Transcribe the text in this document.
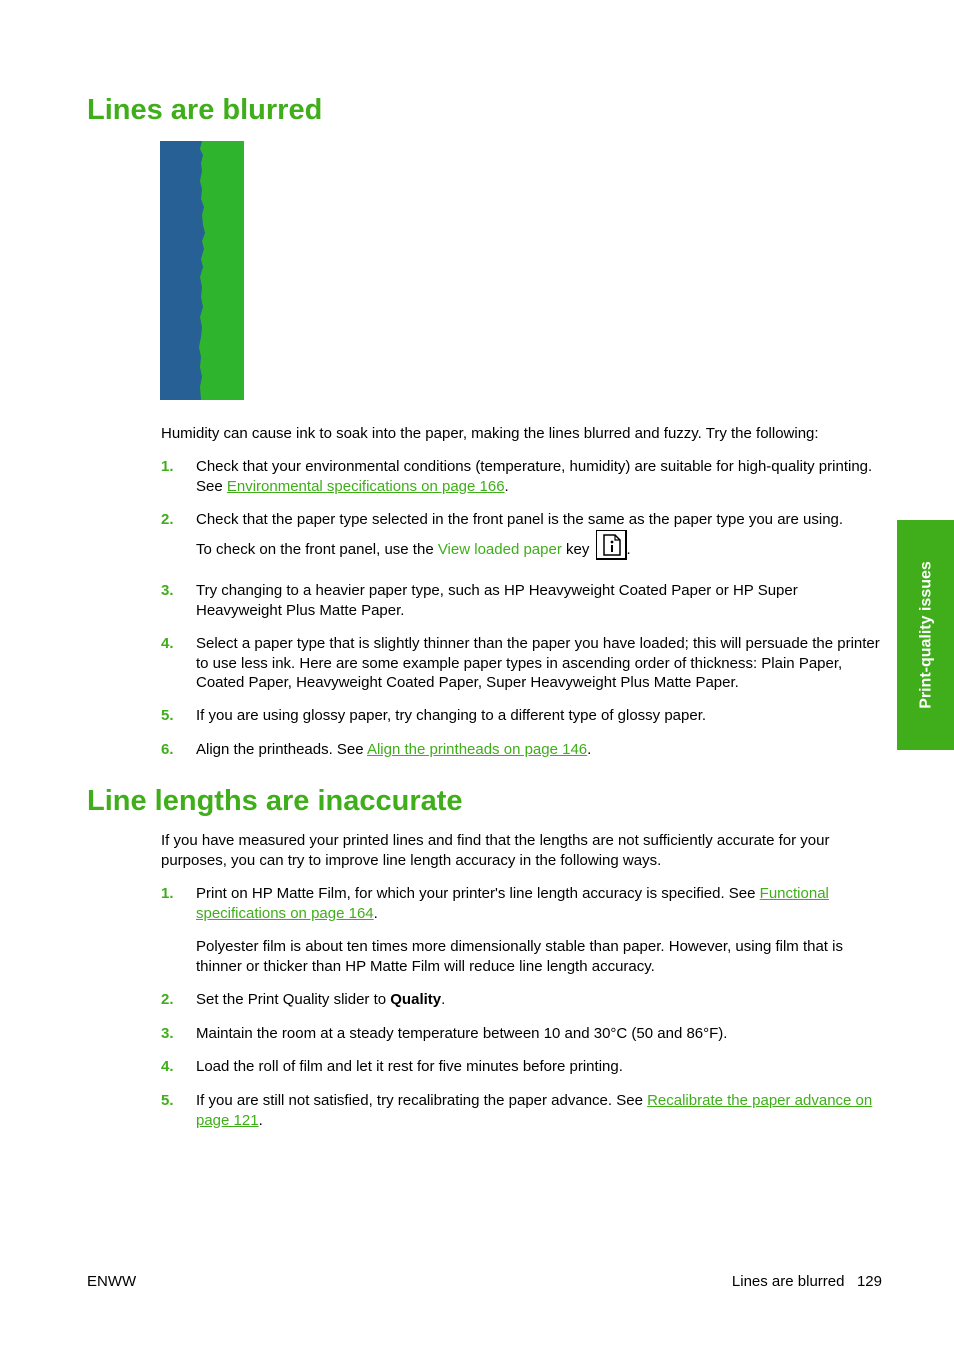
Lines are blurred

Humidity can cause ink to soak into the paper, making the lines blurred and fuzzy. Try the following:

1.	Check that your environmental conditions (temperature, humidity) are suitable for high-quality printing. See Environmental specifications on page 166.
2.	Check that the paper type selected in the front panel is the same as the paper type you are using.

To check on the front panel, use the View loaded paper key
.

3.	Try changing to a heavier paper type, such as HP Heavyweight Coated Paper or HP Super Heavyweight Plus Matte Paper.
4.	Select a paper type that is slightly thinner than the paper you have loaded; this will persuade the printer to use less ink. Here are some example paper types in ascending order of thickness: Plain Paper, Coated Paper, Heavyweight Coated Paper, Super Heavyweight Plus Matte Paper.
5.	If you are using glossy paper, try changing to a different type of glossy paper.
6.	Align the printheads. See Align the printheads on page 146.
Line lengths are inaccurate

If you have measured your printed lines and find that the lengths are not sufficiently accurate for your purposes, you can try to improve line length accuracy in the following ways.

1.	Print on HP Matte Film, for which your printer's line length accuracy is specified. See Functional specifications on page 164.

Polyester film is about ten times more dimensionally stable than paper. However, using film that is thinner or thicker than HP Matte Film will reduce line length accuracy.

2.	Set the Print Quality slider to Quality.
3.	Maintain the room at a steady temperature between 10 and 30°C (50 and 86°F).
4.	Load the roll of film and let it rest for five minutes before printing.
5.	If you are still not satisfied, try recalibrating the paper advance. See Recalibrate the paper advance on page 121.
Print-quality issues
ENWW	Lines are blurred   129
